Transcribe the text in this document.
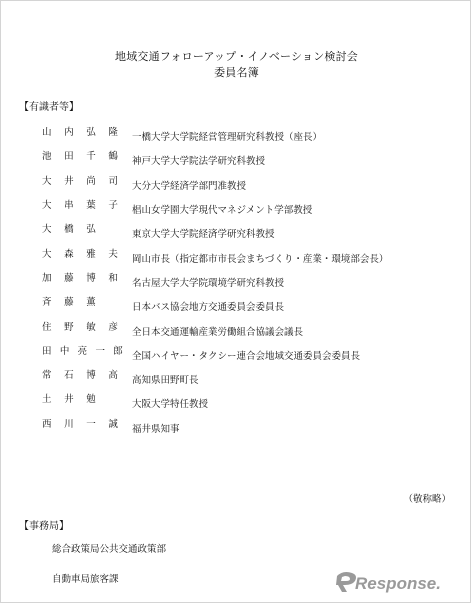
地域交通フォローアップ・イノベーション検討会
委員名簿
【有識者等】
山 内 弘 隆 一橋大学大学院経営管理研究科教授（座長）
池 田 千 鶴 神戸大学大学院法学研究科教授
大 井 尚 司 大分大学経済学部門准教授
大 串 葉 子 椙山女学園大学現代マネジメント学部教授
大 橋 弘	東京大学大学院経済学研究科教授
大 森 雅 夫 岡山市長（指定都市市長会まちづくり・産業・環境部会長）
加 藤 博 和 名古屋大学大学院環境学研究科教授
斉 藤 薫	日本バス協会地方交通委員会委員長
住 野 敏 彦 全日本交通運輸産業労働組合協議会議長
田 中 亮 一 郎 全国ハイヤー・タクシー連合会地域交通委員会委員長
常 石 博 高 高知県田野町長
土 井 勉	大阪大学特任教授
西 川 一 誠 福井県知事
（敬称略）
【事務局】
総合政策局公共交通政策部
自動車局旅客課	Response.
